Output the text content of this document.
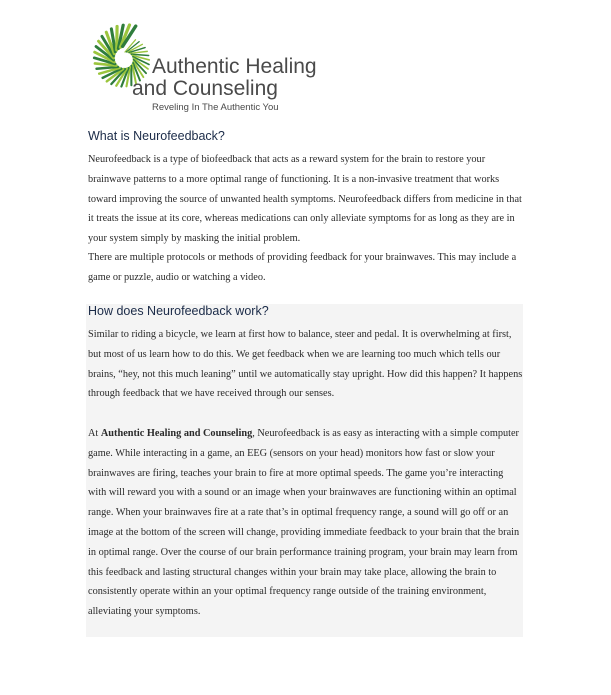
Authentic Healing
and Counseling
Reveling In The Authentic You
What is Neurofeedback?

Neurofeedback is a type of biofeedback that acts as a reward system for the brain to restore your brainwave patterns to a more optimal range of functioning. It is a non-invasive treatment that works toward improving the source of unwanted health symptoms. Neurofeedback differs from medicine in that it treats the issue at its core, whereas medications can only alleviate symptoms for as long as they are in your system simply by masking the initial problem.

There are multiple protocols or methods of providing feedback for your brainwaves. This may include a game or puzzle, audio or watching a video.

How does Neurofeedback work?

Similar to riding a bicycle, we learn at first how to balance, steer and pedal. It is overwhelming at first, but most of us learn how to do this. We get feedback when we are learning too much which tells our brains, “hey, not this much leaning” until we automatically stay upright. How did this happen? It happens through feedback that we have received through our senses.

At Authentic Healing and Counseling, Neurofeedback is as easy as interacting with a simple computer game. While interacting in a game, an EEG (sensors on your head) monitors how fast or slow your brainwaves are firing, teaches your brain to fire at more optimal speeds. The game you’re interacting with will reward you with a sound or an image when your brainwaves are functioning within an optimal range. When your brainwaves fire at a rate that’s in optimal frequency range, a sound will go off or an image at the bottom of the screen will change, providing immediate feedback to your brain that the brain in optimal range. Over the course of our brain performance training program, your brain may learn from this feedback and lasting structural changes within your brain may take place, allowing the brain to consistently operate within an your optimal frequency range outside of the training environment, alleviating your symptoms.
